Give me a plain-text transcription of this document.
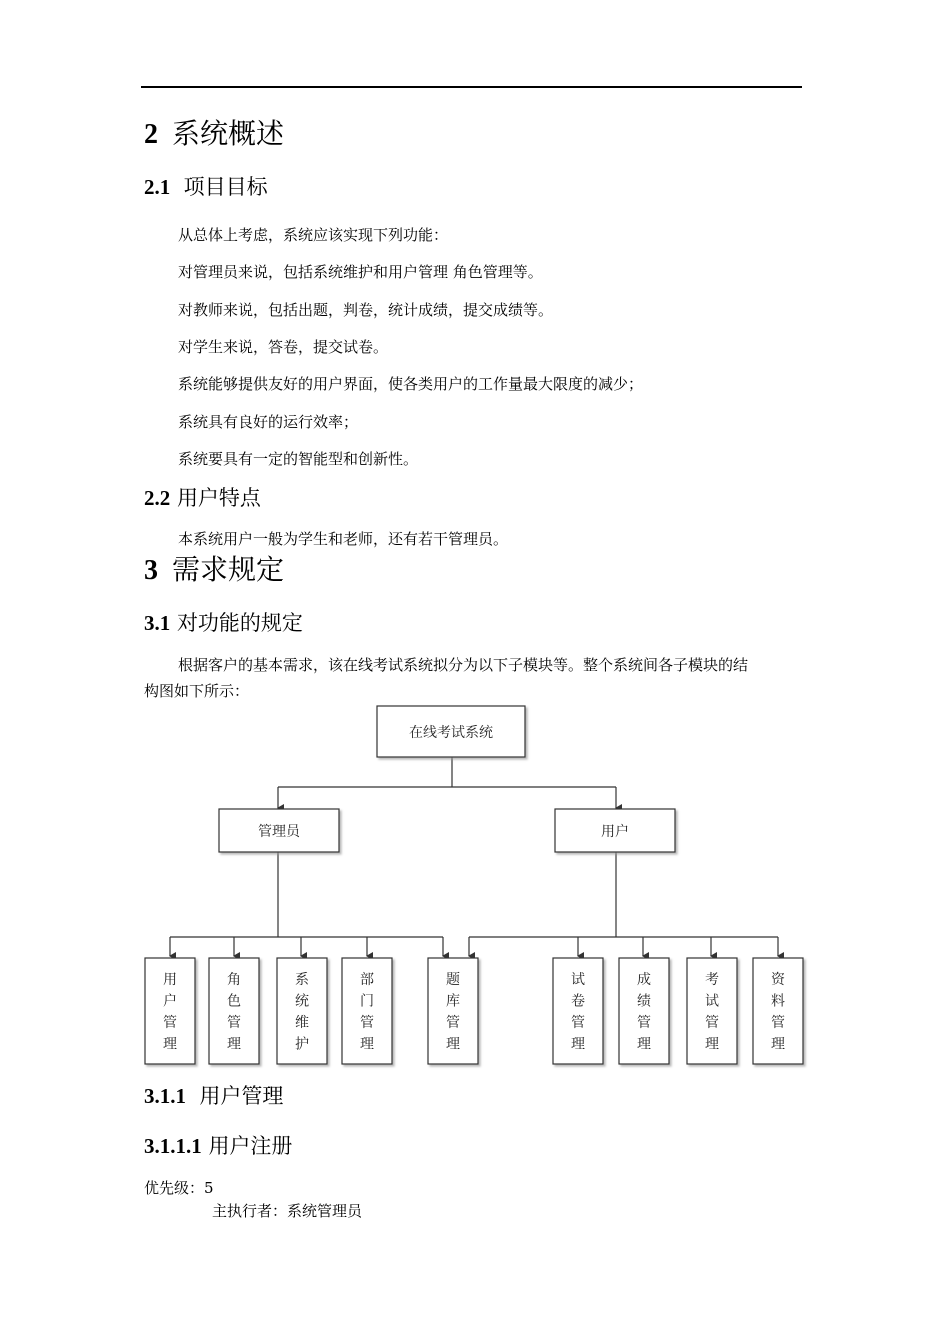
2 系统概述
2.1 项目目标
从总体上考虑，系统应该实现下列功能：
对管理员来说，包括系统维护和用户管理 角色管理等。
对教师来说，包括出题，判卷，统计成绩，提交成绩等。
对学生来说，答卷，提交试卷。
系统能够提供友好的用户界面，使各类用户的工作量最大限度的减少；
系统具有良好的运行效率；
系统要具有一定的智能型和创新性。
2.2 用户特点
本系统用户一般为学生和老师，还有若干管理员。
3 需求规定
3.1 对功能的规定
根据客户的基本需求，该在线考试系统拟分为以下子模块等。整个系统间各子模块的结
构图如下所示：
在线考试系统
管理员	用户
用户管理
角色管理
系统维护
部门管理
题库管理
试卷管理
成绩管理
考试管理
资料管理
3.1.1 用户管理
3.1.1.1 用户注册
优先级：5
主执行者：系统管理员
